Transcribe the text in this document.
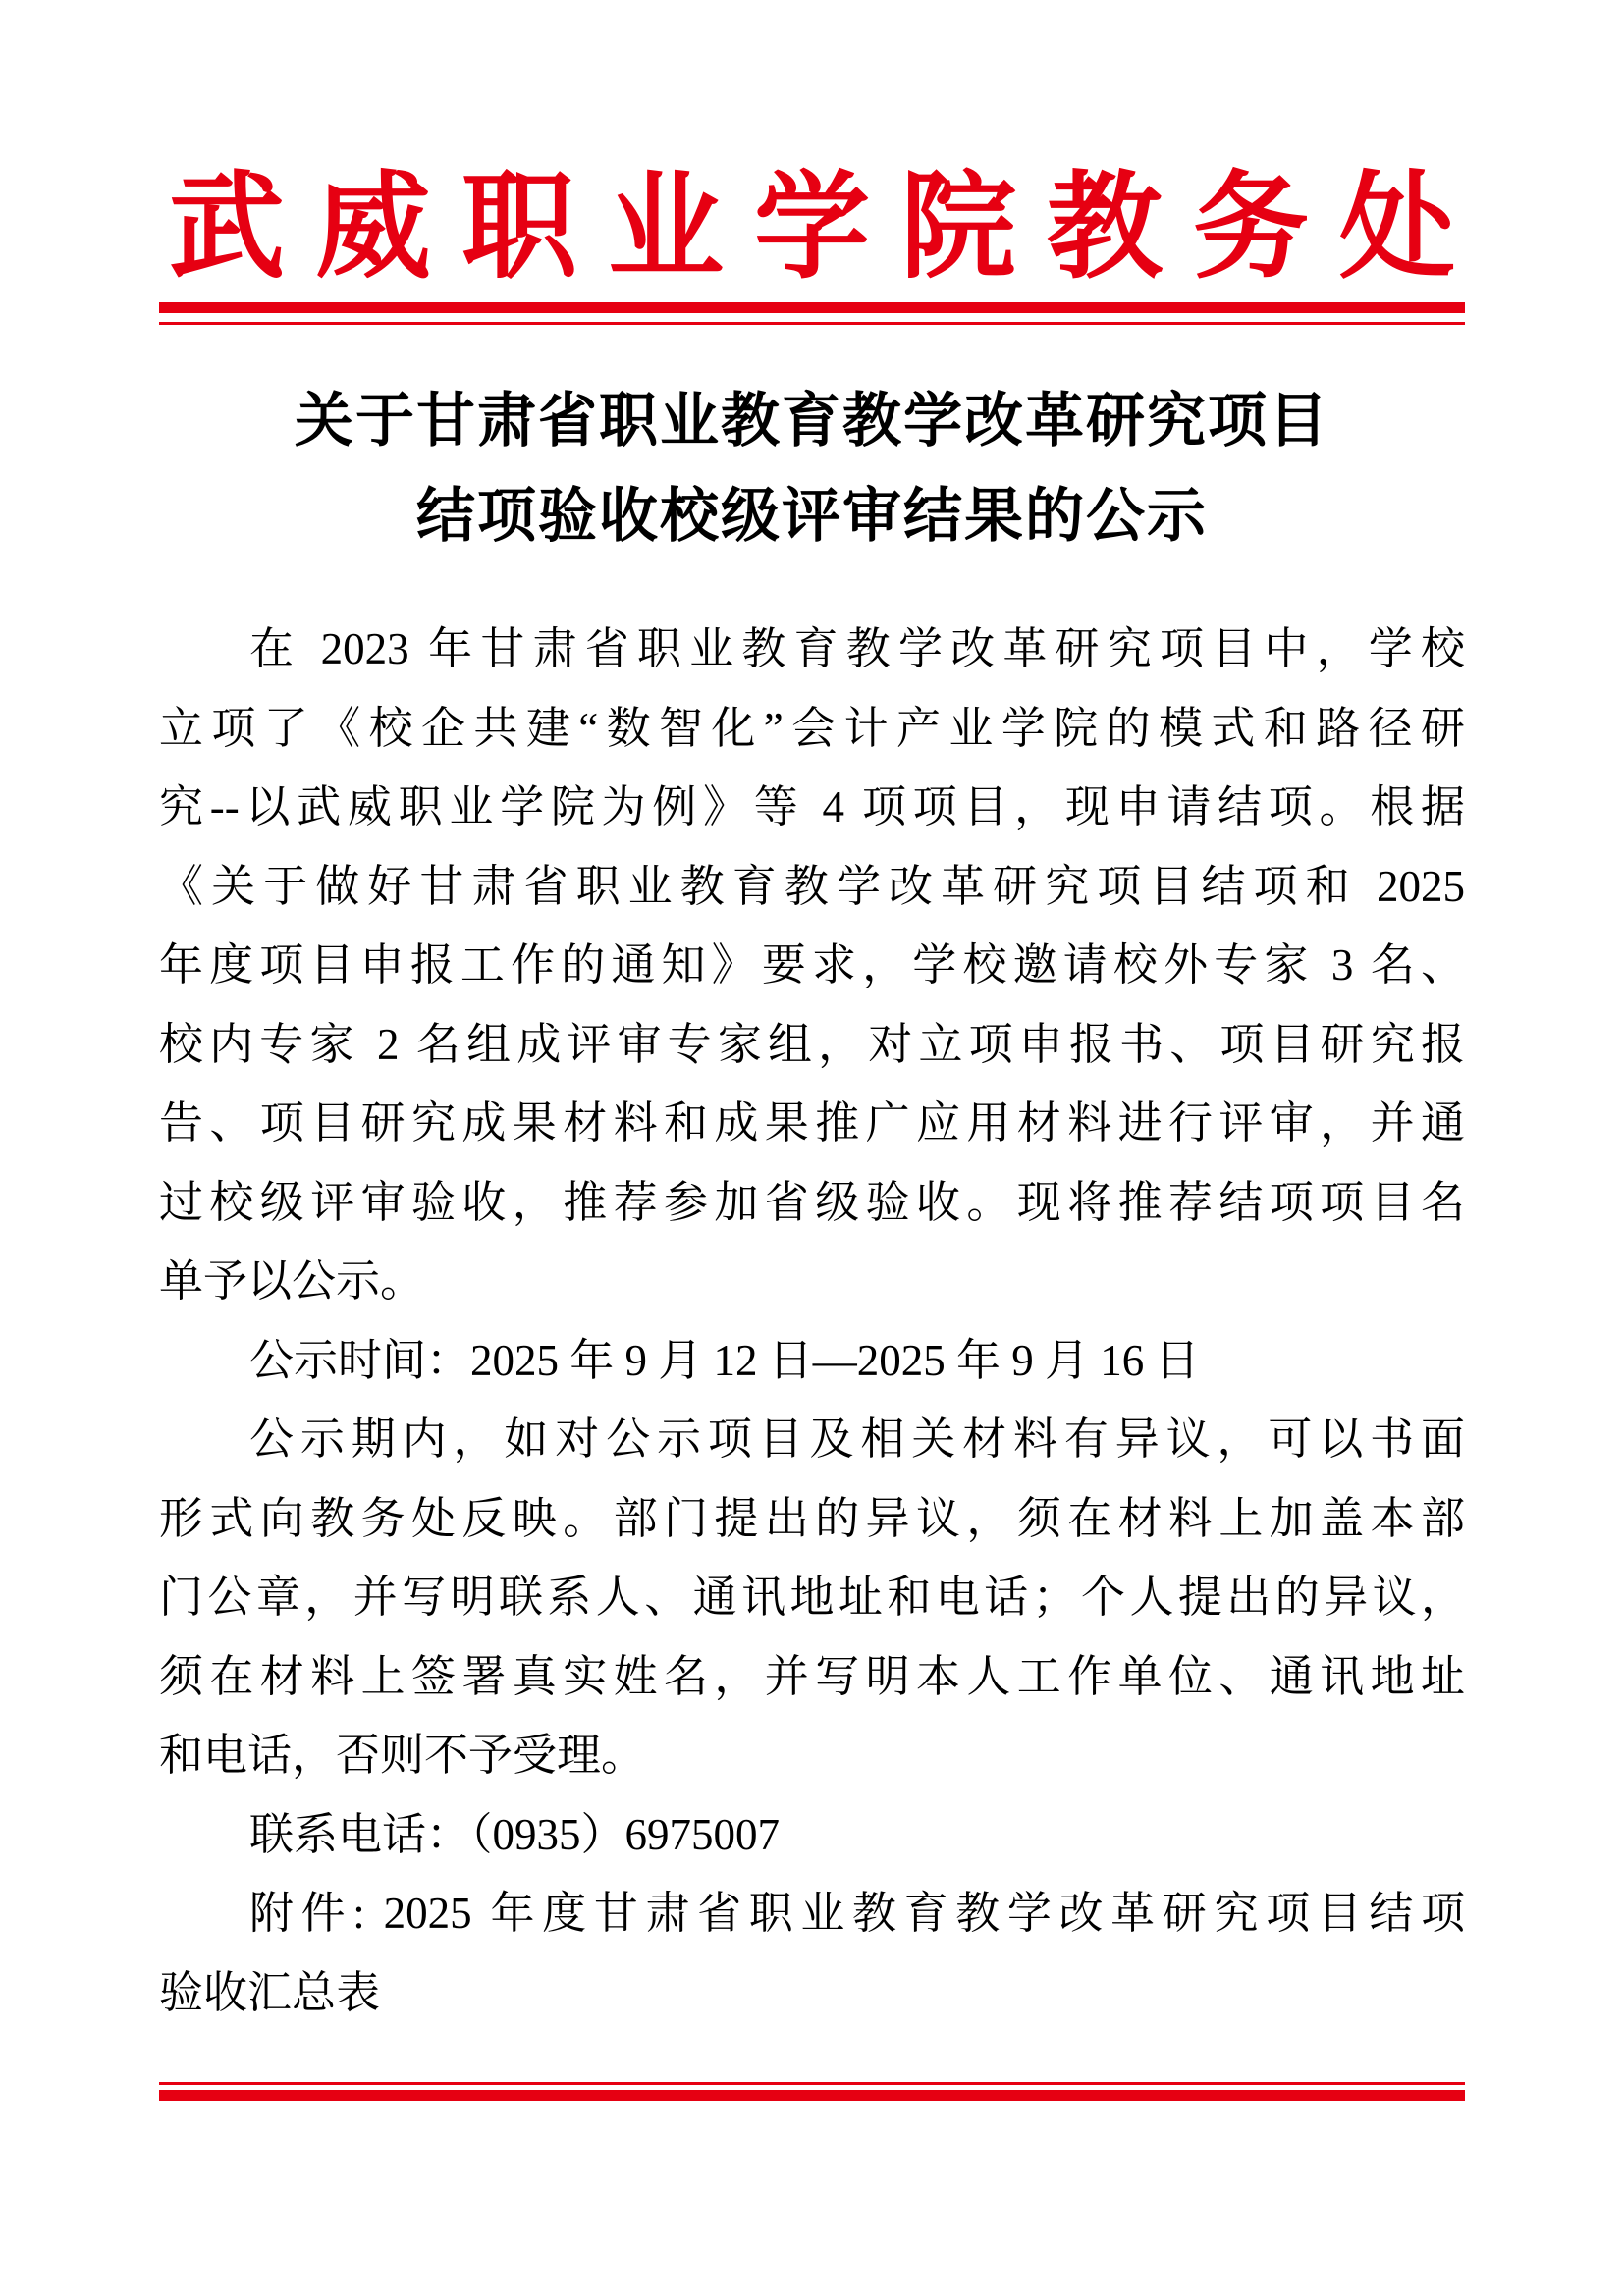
武威职业学院教务处
关于甘肃省职业教育教学改革研究项目
结项验收校级评审结果的公示
在 2023 年甘肃省职业教育教学改革研究项目中，学校
立项了《校企共建“数智化”会计产业学院的模式和路径研
究--以武威职业学院为例》等 4 项项目，现申请结项。根据
《关于做好甘肃省职业教育教学改革研究项目结项和 2025
年度项目申报工作的通知》要求，学校邀请校外专家 3 名、
校内专家 2 名组成评审专家组，对立项申报书、项目研究报
告、项目研究成果材料和成果推广应用材料进行评审，并通
过校级评审验收，推荐参加省级验收。现将推荐结项项目名
单予以公示。
公示时间：2025 年 9 月 12 日—2025 年 9 月 16 日
公示期内，如对公示项目及相关材料有异议，可以书面
形式向教务处反映。部门提出的异议，须在材料上加盖本部
门公章，并写明联系人、通讯地址和电话；个人提出的异议，
须在材料上签署真实姓名，并写明本人工作单位、通讯地址
和电话，否则不予受理。
联系电话：（0935）6975007
附件: 2025 年度甘肃省职业教育教学改革研究项目结项
验收汇总表
